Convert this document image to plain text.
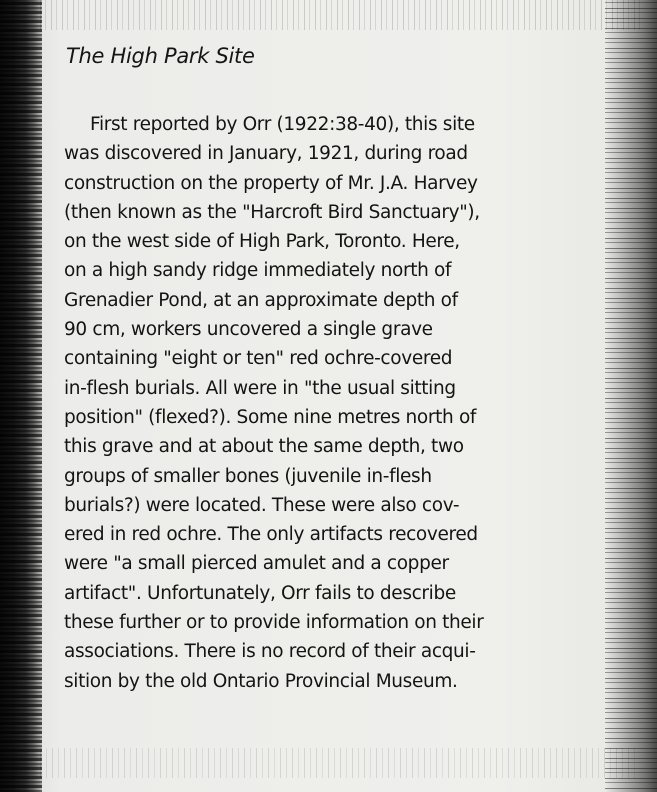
The High Park Site
First reported by Orr (1922:38-40), this site
was discovered in January, 1921, during road
construction on the property of Mr. J.A. Harvey
(then known as the "Harcroft Bird Sanctuary"),
on the west side of High Park, Toronto. Here,
on a high sandy ridge immediately north of
Grenadier Pond, at an approximate depth of
90 cm, workers uncovered a single grave
containing "eight or ten" red ochre-covered
in-flesh burials. All were in "the usual sitting
position" (flexed?). Some nine metres north of
this grave and at about the same depth, two
groups of smaller bones (juvenile in-flesh
burials?) were located. These were also cov-
ered in red ochre. The only artifacts recovered
were "a small pierced amulet and a copper
artifact". Unfortunately, Orr fails to describe
these further or to provide information on their
associations. There is no record of their acqui-
sition by the old Ontario Provincial Museum.
